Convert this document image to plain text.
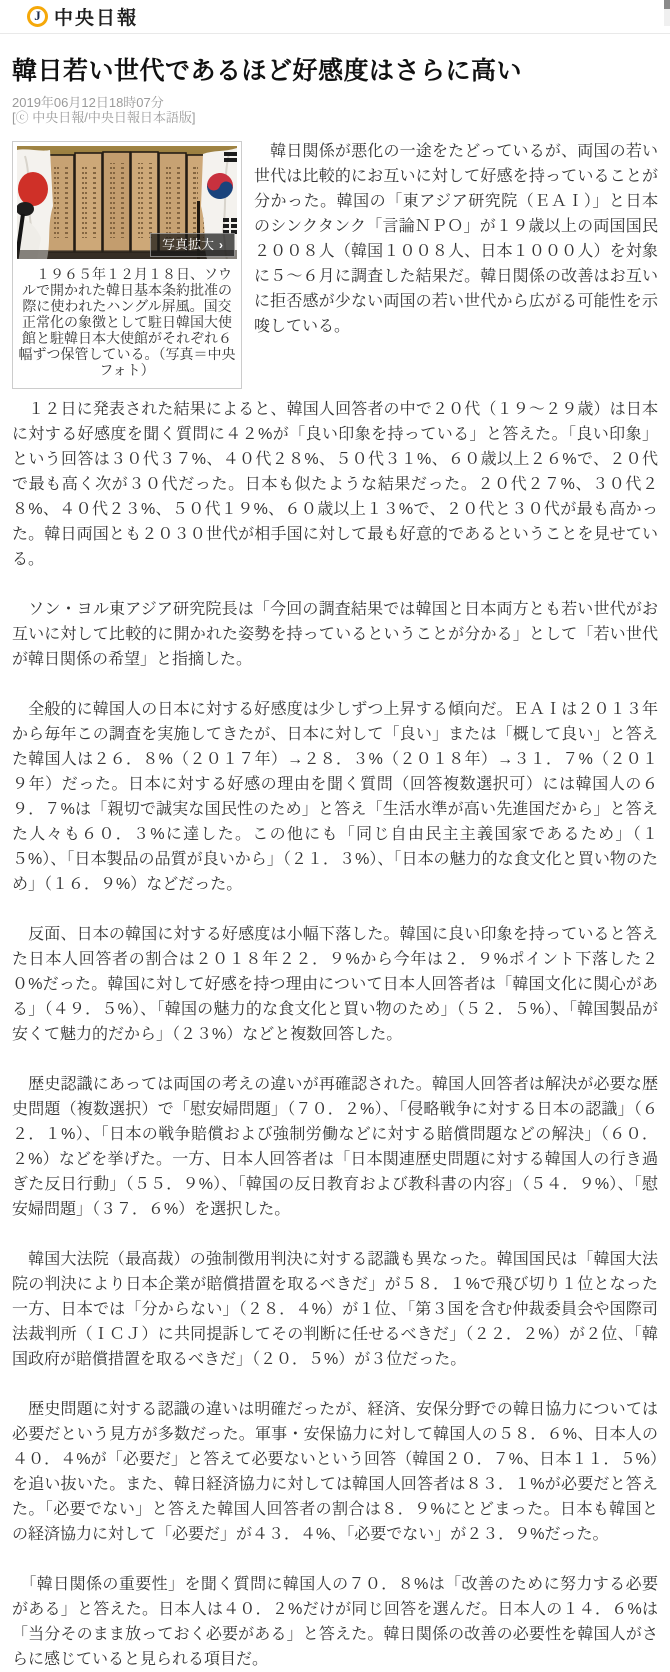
J 中央日報
韓日若い世代であるほど好感度はさらに高い
2019年06月12日18時07分
[ⓒ 中央日報/中央日報日本語版]
写真拡大 ›
　１９６５年１２月１８日、ソウルで開かれた韓日基本条約批准の際に使われたハングル屏風。国交正常化の象徴として駐日韓国大使館と駐韓日本大使館がそれぞれ６幅ずつ保管している。（写真＝中央フォト）

　韓日関係が悪化の一途をたどっているが、両国の若い世代は比較的にお互いに対して好感を持っていることが分かった。韓国の「東アジア研究院（ＥＡＩ）」と日本のシンクタンク「言論ＮＰＯ」が１９歳以上の両国国民２００８人（韓国１００８人、日本１０００人）を対象に５～６月に調査した結果だ。韓日関係の改善はお互いに拒否感が少ない両国の若い世代から広がる可能性を示唆している。

　１２日に発表された結果によると、韓国人回答者の中で２０代（１９～２９歳）は日本に対する好感度を聞く質問に４２%が「良い印象を持っている」と答えた。「良い印象」という回答は３０代３７%、４０代２８%、５０代３１%、６０歳以上２６%で、２０代で最も高く次が３０代だった。日本も似たような結果だった。２０代２７%、３０代２８%、４０代２３%、５０代１９%、６０歳以上１３%で、２０代と３０代が最も高かった。韓日両国とも２０３０世代が相手国に対して最も好意的であるということを見せている。

　ソン・ヨル東アジア研究院長は「今回の調査結果では韓国と日本両方とも若い世代がお互いに対して比較的に開かれた姿勢を持っているということが分かる」として「若い世代が韓日関係の希望」と指摘した。

　全般的に韓国人の日本に対する好感度は少しずつ上昇する傾向だ。ＥＡＩは２０１３年から毎年この調査を実施してきたが、日本に対して「良い」または「概して良い」と答えた韓国人は２６．８%（２０１７年）→２８．３%（２０１８年）→３１．７%（２０１９年）だった。日本に対する好感の理由を聞く質問（回答複数選択可）には韓国人の６９．７%は「親切で誠実な国民性のため」と答え「生活水準が高い先進国だから」と答えた人々も６０．３%に達した。この他にも「同じ自由民主主義国家であるため」（１５%）、「日本製品の品質が良いから」（２１．３%）、「日本の魅力的な食文化と買い物のため」（１６．９%）などだった。

　反面、日本の韓国に対する好感度は小幅下落した。韓国に良い印象を持っていると答えた日本人回答者の割合は２０１８年２２．９%から今年は２．９%ポイント下落した２０%だった。韓国に対して好感を持つ理由について日本人回答者は「韓国文化に関心がある」（４９．５%）、「韓国の魅力的な食文化と買い物のため」（５２．５%）、「韓国製品が安くて魅力的だから」（２３%）などと複数回答した。

　歴史認識にあっては両国の考えの違いが再確認された。韓国人回答者は解決が必要な歴史問題（複数選択）で「慰安婦問題」（７０．２%）、「侵略戦争に対する日本の認識」（６２．１%）、「日本の戦争賠償および強制労働などに対する賠償問題などの解決」（６０．２%）などを挙げた。一方、日本人回答者は「日本関連歴史問題に対する韓国人の行き過ぎた反日行動」（５５．９%）、「韓国の反日教育および教科書の内容」（５４．９%）、「慰安婦問題」（３７．６%）を選択した。

　韓国大法院（最高裁）の強制徴用判決に対する認識も異なった。韓国国民は「韓国大法院の判決により日本企業が賠償措置を取るべきだ」が５８．１%で飛び切り１位となった一方、日本では「分からない」（２８．４%）が１位、「第３国を含む仲裁委員会や国際司法裁判所（ＩＣＪ）に共同提訴してその判断に任せるべきだ」（２２．２%）が２位、「韓国政府が賠償措置を取るべきだ」（２０．５%）が３位だった。

　歴史問題に対する認識の違いは明確だったが、経済、安保分野での韓日協力については必要だという見方が多数だった。軍事・安保協力に対して韓国人の５８．６%、日本人の４０．４%が「必要だ」と答えて必要ないという回答（韓国２０．７%、日本１１．５%）を追い抜いた。また、韓日経済協力に対しては韓国人回答者は８３．１%が必要だと答えた。「必要でない」と答えた韓国人回答者の割合は８．９%にとどまった。日本も韓国との経済協力に対して「必要だ」が４３．４%、「必要でない」が２３．９%だった。

　「韓日関係の重要性」を聞く質問に韓国人の７０．８%は「改善のために努力する必要がある」と答えた。日本人は４０．２%だけが同じ回答を選んだ。日本人の１４．６%は「当分そのまま放っておく必要がある」と答えた。韓日関係の改善の必要性を韓国人がさらに感じていると見られる項目だ。
